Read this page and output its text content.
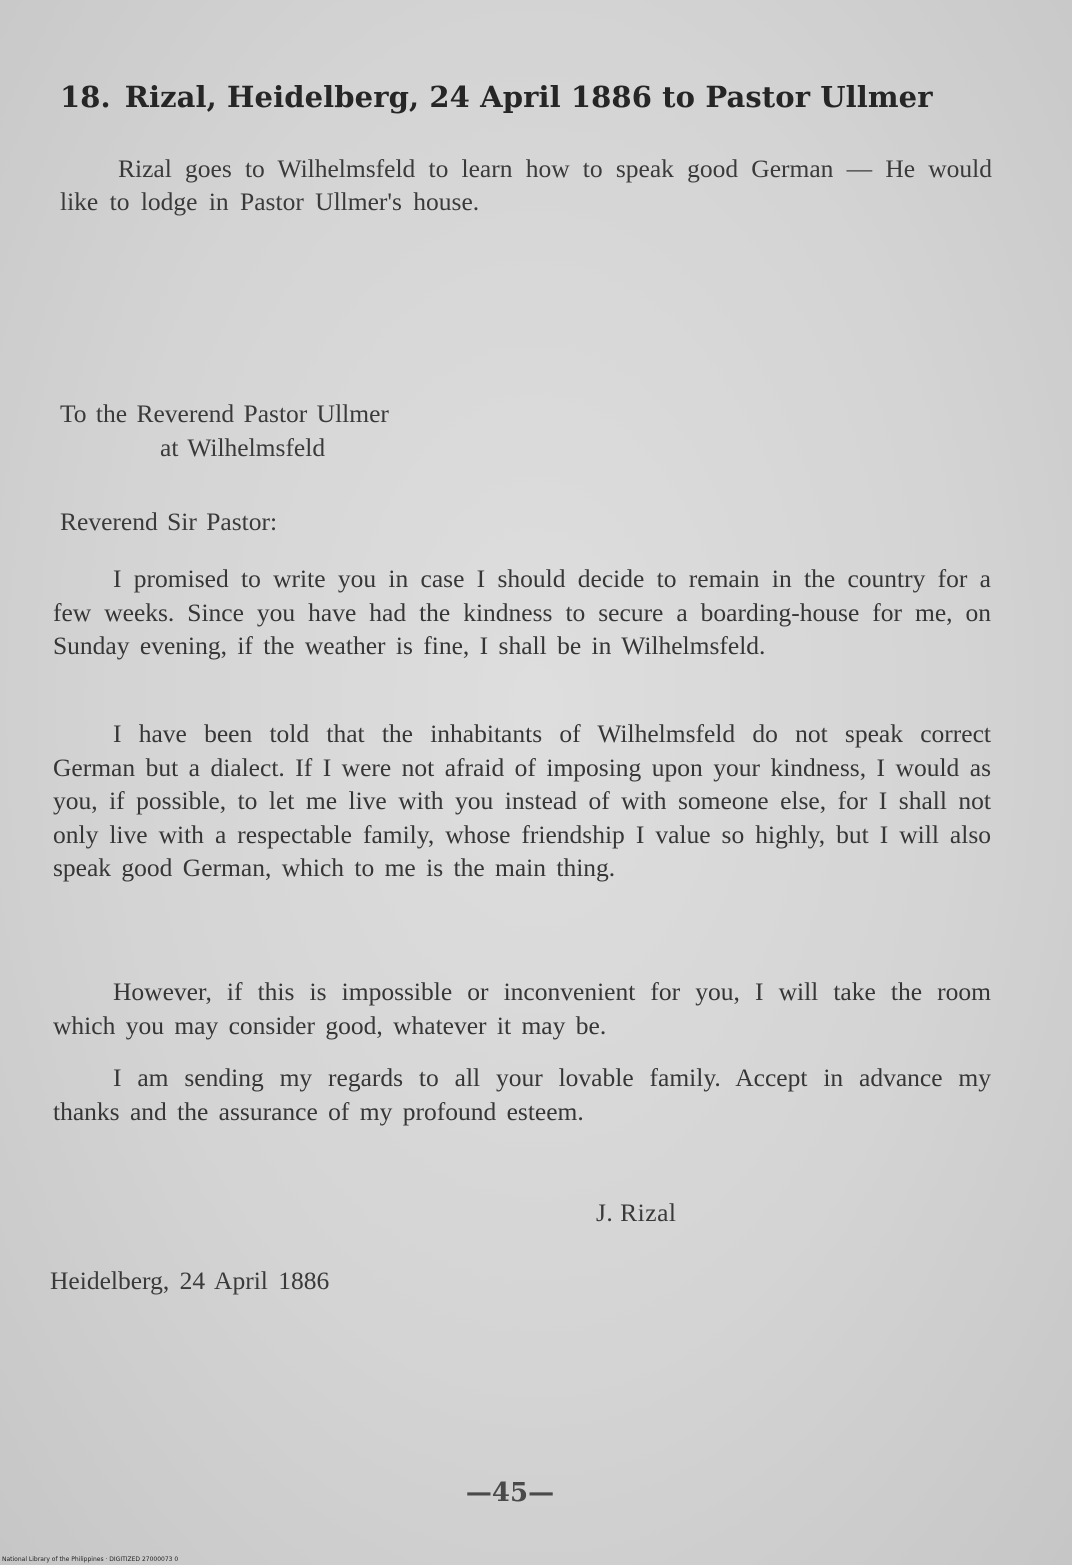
18. Rizal, Heidelberg, 24 April 1886 to Pastor Ullmer

Rizal goes to Wilhelmsfeld to learn how to speak good German — He would like to lodge in Pastor Ullmer's house.

To the Reverend Pastor Ullmer
at Wilhelmsfeld

Reverend Sir Pastor:

I promised to write you in case I should decide to remain in the country for a few weeks. Since you have had the kindness to secure a boarding-house for me, on Sunday evening, if the weather is fine, I shall be in Wilhelmsfeld.

I have been told that the inhabitants of Wilhelmsfeld do not speak correct German but a dialect. If I were not afraid of imposing upon your kindness, I would as you, if possible, to let me live with you instead of with someone else, for I shall not only live with a respectable family, whose friendship I value so highly, but I will also speak good German, which to me is the main thing.

However, if this is impossible or inconvenient for you, I will take the room which you may consider good, whatever it may be.

I am sending my regards to all your lovable family. Accept in advance my thanks and the assurance of my profound esteem.

J. Rizal

Heidelberg, 24 April 1886

—45—

National Library of the Philippines · DIGITIZED 27000073 0
